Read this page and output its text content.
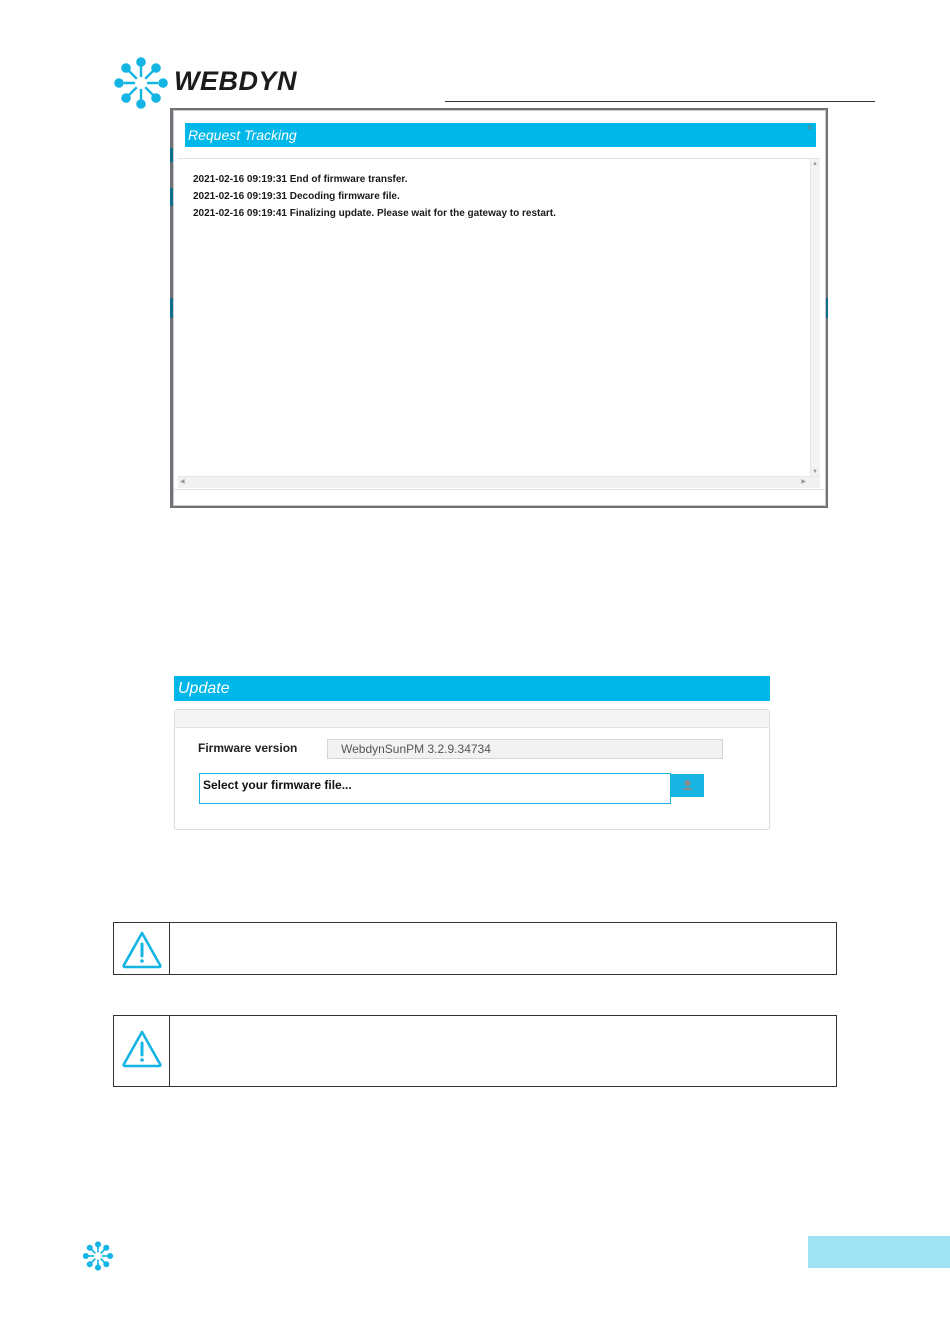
WEBDYN
Request Tracking	×
2021-02-16 09:19:31 End of firmware transfer.
2021-02-16 09:19:31 Decoding firmware file.
2021-02-16 09:19:41 Finalizing update. Please wait for the gateway to restart.
▲
▼
◀	▶
Update
Firmware version	WebdynSunPM 3.2.9.34734
Select your firmware file...
